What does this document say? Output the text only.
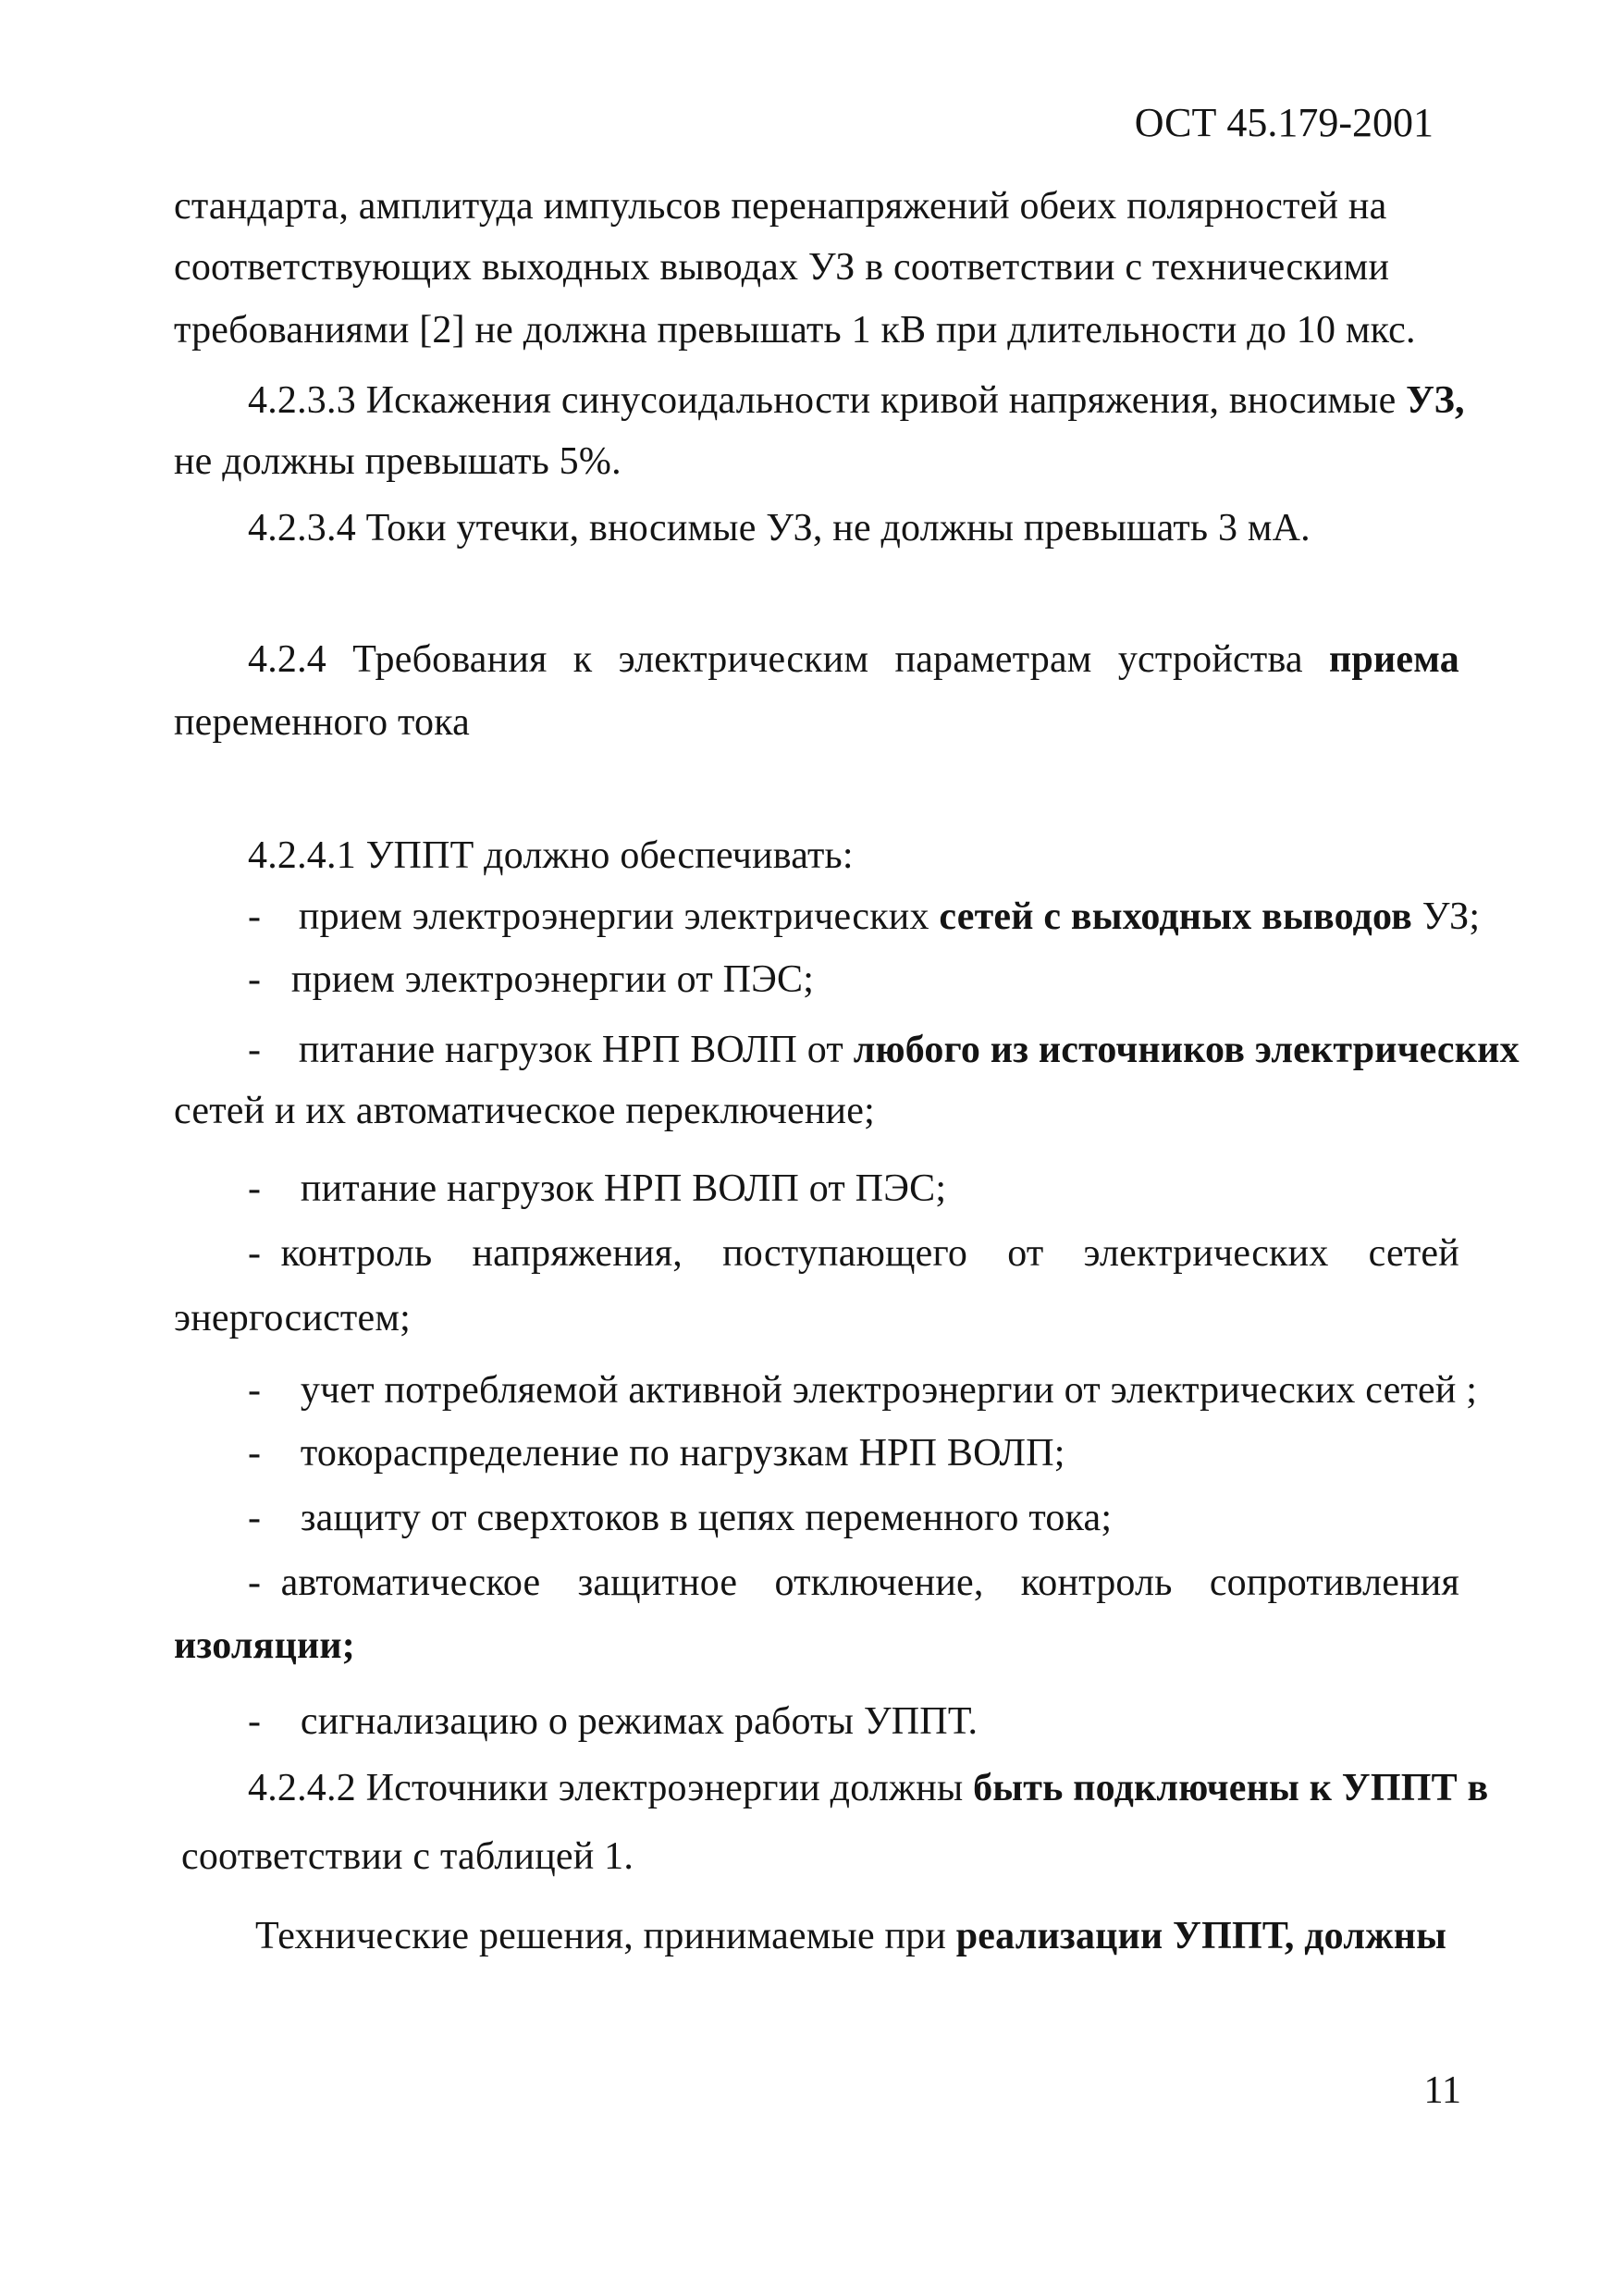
ОСТ 45.179-2001
стандарта, амплитуда импульсов перенапряжений обеих полярностей на
соответствующих выходных выводах УЗ в соответствии с техническими
требованиями [2] не должна превышать 1 кВ при длительности до 10 мкс.
4.2.3.3 Искажения синусоидальности кривой напряжения, вносимые УЗ,
не должны превышать 5%.
4.2.3.4 Токи утечки, вносимые УЗ, не должны превышать 3 мА.
4.2.4 Требования к электрическим параметрам устройства приема
переменного тока
4.2.4.1 УППТ должно обеспечивать:
- прием электроэнергии электрических сетей с выходных выводов УЗ;
- прием электроэнергии от ПЭС;
- питание нагрузок НРП ВОЛП от любого из источников электрических
сетей и их автоматическое переключение;
- питание нагрузок НРП ВОЛП от ПЭС;
- контроль напряжения, поступающего от электрических сетей
энергосистем;
- учет потребляемой активной электроэнергии от электрических сетей ;
- токораспределение по нагрузкам НРП ВОЛП;
- защиту от сверхтоков в цепях переменного тока;
- автоматическое защитное отключение, контроль сопротивления
изоляции;
- сигнализацию о режимах работы УППТ.
4.2.4.2 Источники электроэнергии должны быть подключены к УППТ в
соответствии с таблицей 1.
Технические решения, принимаемые при реализации УППТ, должны
11
